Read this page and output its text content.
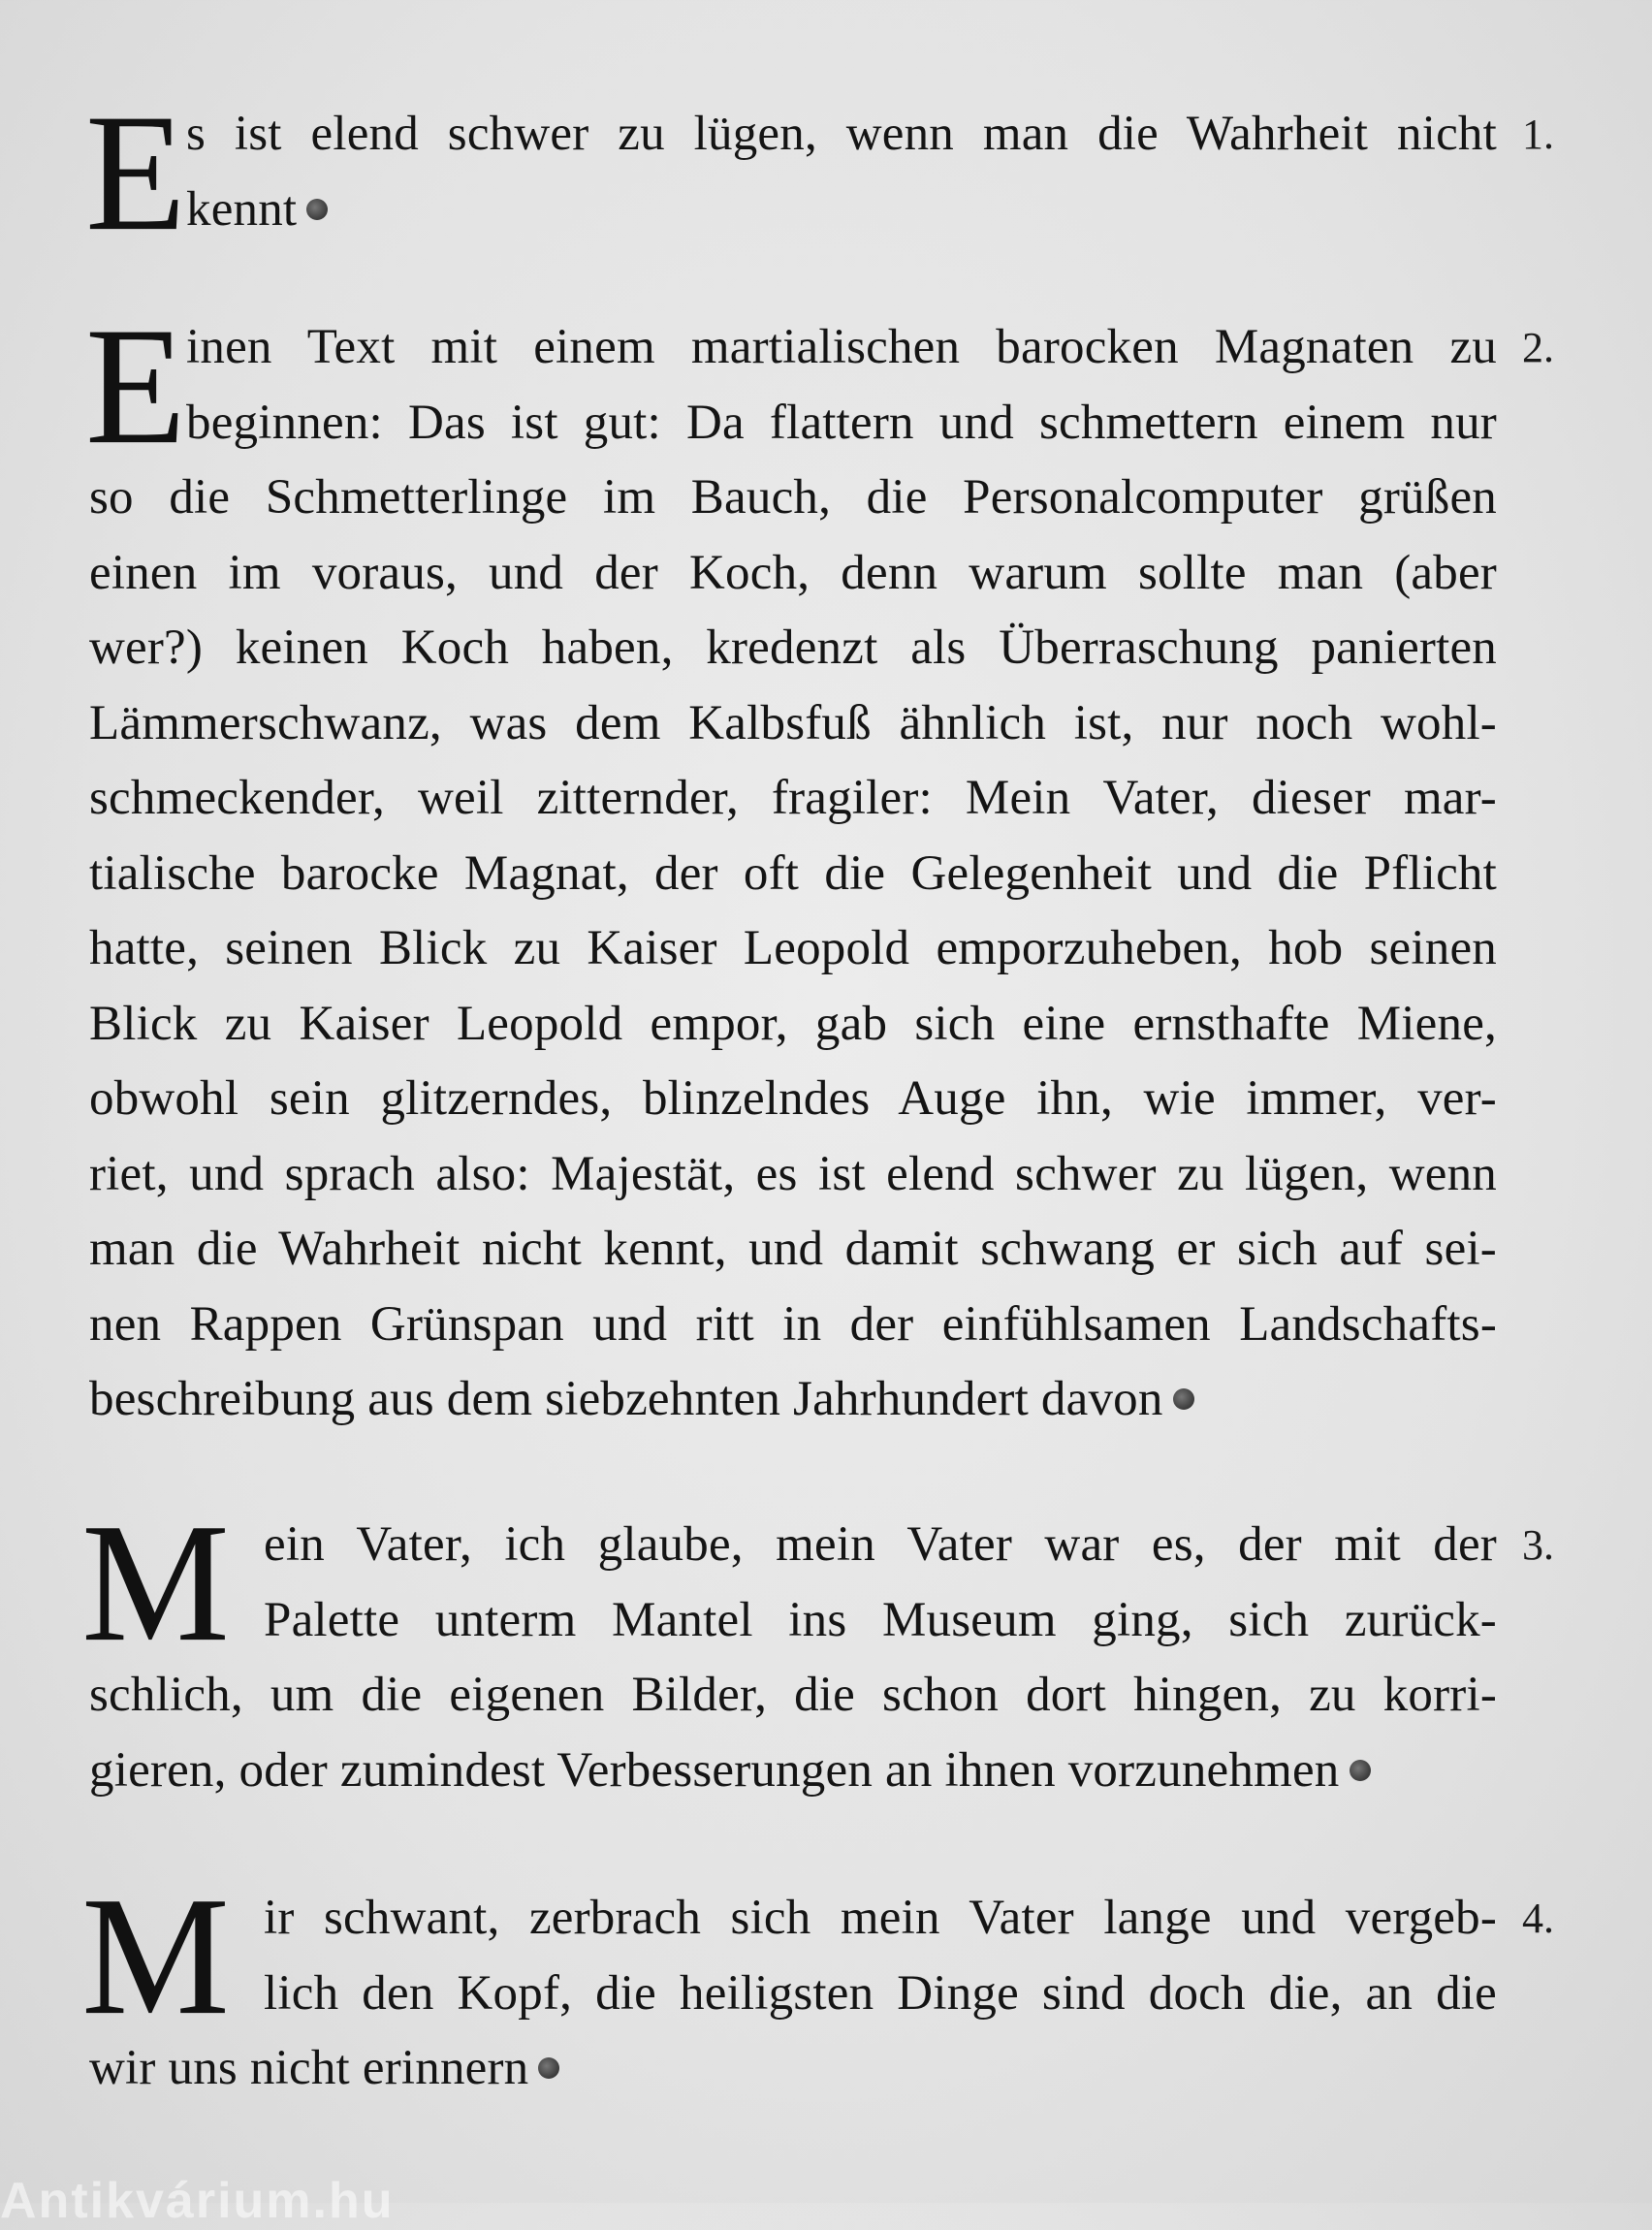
E s ist elend schwer zu lügen, wenn man die Wahrheit nicht
kennt
1.
E inen Text mit einem martialischen barocken Magnaten zu
beginnen: Das ist gut: Da flattern und schmettern einem nur
so die Schmetterlinge im Bauch, die Personalcomputer grüßen
einen im voraus, und der Koch, denn warum sollte man (aber
wer?) keinen Koch haben, kredenzt als Überraschung panierten
Lämmerschwanz, was dem Kalbsfuß ähnlich ist, nur noch wohl-
schmeckender, weil zitternder, fragiler: Mein Vater, dieser mar-
tialische barocke Magnat, der oft die Gelegenheit und die Pflicht
hatte, seinen Blick zu Kaiser Leopold emporzuheben, hob seinen
Blick zu Kaiser Leopold empor, gab sich eine ernsthafte Miene,
obwohl sein glitzerndes, blinzelndes Auge ihn, wie immer, ver-
riet, und sprach also: Majestät, es ist elend schwer zu lügen, wenn
man die Wahrheit nicht kennt, und damit schwang er sich auf sei-
nen Rappen Grünspan und ritt in der einfühlsamen Landschafts-
beschreibung aus dem siebzehnten Jahrhundert davon
2.
M ein Vater, ich glaube, mein Vater war es, der mit der
Palette unterm Mantel ins Museum ging, sich zurück-
schlich, um die eigenen Bilder, die schon dort hingen, zu korri-
gieren, oder zumindest Verbesserungen an ihnen vorzunehmen
3.
M ir schwant, zerbrach sich mein Vater lange und vergeb-
lich den Kopf, die heiligsten Dinge sind doch die, an die
wir uns nicht erinnern
4.
Antikvárium.hu
